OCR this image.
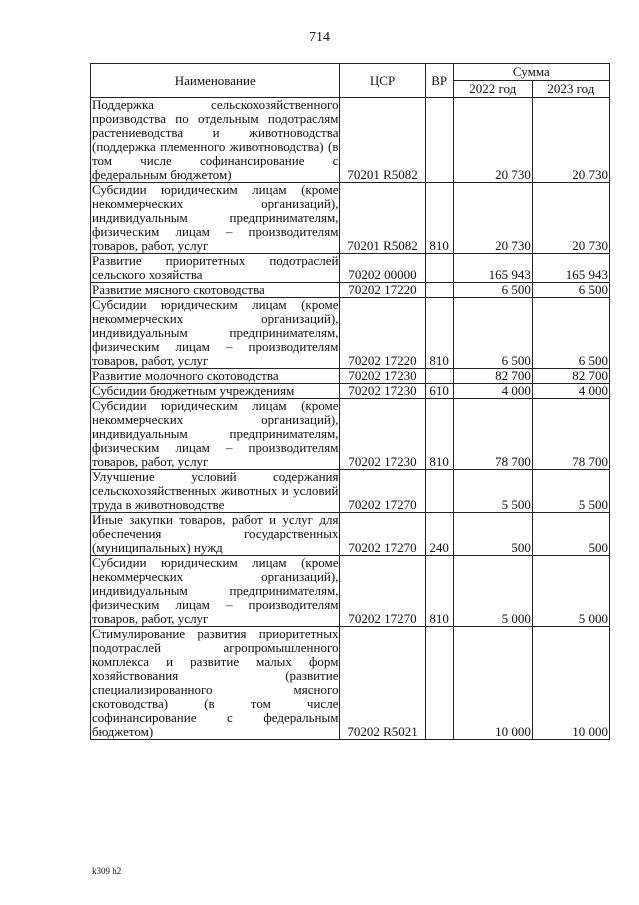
714
Наименование	ЦСР	ВР	Сумма	
			2022 год	2023 год
Поддержка сельскохозяйственного производства по отдельным подотраслям растениеводства и животноводства (поддержка племенного животноводства) (в том числе софинансирование с федеральным бюджетом)	70201 R5082		20 730	20 730
Субсидии юридическим лицам (кроме некоммерческих организаций), индивидуальным предпринимателям, физическим лицам – производителям товаров, работ, услуг	70201 R5082	810	20 730	20 730
Развитие приоритетных подотраслей сельского хозяйства	70202 00000		165 943	165 943
Развитие мясного скотоводства	70202 17220		6 500	6 500
Субсидии юридическим лицам (кроме некоммерческих организаций), индивидуальным предпринимателям, физическим лицам – производителям товаров, работ, услуг	70202 17220	810	6 500	6 500
Развитие молочного скотоводства	70202 17230		82 700	82 700
Субсидии бюджетным учреждениям	70202 17230	610	4 000	4 000
Субсидии юридическим лицам (кроме некоммерческих организаций), индивидуальным предпринимателям, физическим лицам – производителям товаров, работ, услуг	70202 17230	810	78 700	78 700
Улучшение условий содержания сельскохозяйственных животных и условий труда в животноводстве	70202 17270		5 500	5 500
Иные закупки товаров, работ и услуг для обеспечения государственных (муниципальных) нужд	70202 17270	240	500	500
Субсидии юридическим лицам (кроме некоммерческих организаций), индивидуальным предпринимателям, физическим лицам – производителям товаров, работ, услуг	70202 17270	810	5 000	5 000
Стимулирование развития приоритетных подотраслей агропромышленного комплекса и развитие малых форм хозяйствования (развитие специализированного мясного скотоводства) (в том числе софинансирование с федеральным бюджетом)	70202 R5021		10 000	10 000
k309 h2
